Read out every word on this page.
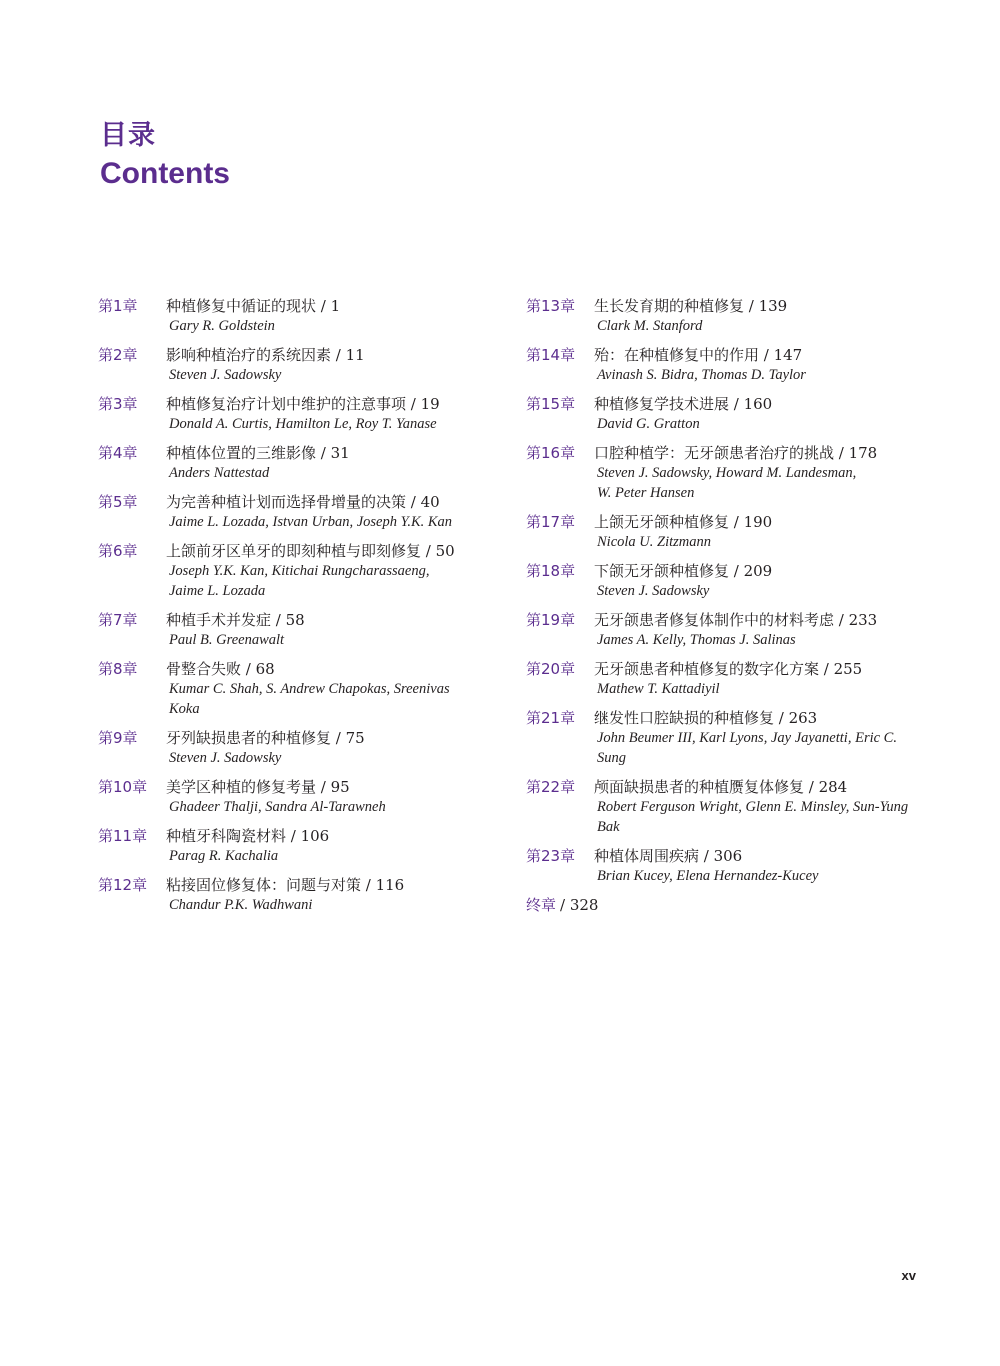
目录
Contents
第1章	种植修复中循证的现状 / 1
Gary R. Goldstein
第2章	影响种植治疗的系统因素 / 11
Steven J. Sadowsky
第3章	种植修复治疗计划中维护的注意事项 / 19
Donald A. Curtis, Hamilton Le, Roy T. Yanase
第4章	种植体位置的三维影像 / 31
Anders Nattestad
第5章	为完善种植计划而选择骨增量的决策 / 40
Jaime L. Lozada, Istvan Urban, Joseph Y.K. Kan
第6章	上颌前牙区单牙的即刻种植与即刻修复 / 50
Joseph Y.K. Kan, Kitichai Rungcharassaeng,
Jaime L. Lozada
第7章	种植手术并发症 / 58
Paul B. Greenawalt
第8章	骨整合失败 / 68
Kumar C. Shah, S. Andrew Chapokas, Sreenivas
Koka
第9章	牙列缺损患者的种植修复 / 75
Steven J. Sadowsky
第10章	美学区种植的修复考量 / 95
Ghadeer Thalji, Sandra Al-Tarawneh
第11章	种植牙科陶瓷材料 / 106
Parag R. Kachalia
第12章	粘接固位修复体：问题与对策 / 116
Chandur P.K. Wadhwani
第13章	生长发育期的种植修复 / 139
Clark M. Stanford
第14章	殆：在种植修复中的作用 / 147
Avinash S. Bidra, Thomas D. Taylor
第15章	种植修复学技术进展 / 160
David G. Gratton
第16章	口腔种植学：无牙颌患者治疗的挑战 / 178
Steven J. Sadowsky, Howard M. Landesman,
W. Peter Hansen
第17章	上颌无牙颌种植修复 / 190
Nicola U. Zitzmann
第18章	下颌无牙颌种植修复 / 209
Steven J. Sadowsky
第19章	无牙颌患者修复体制作中的材料考虑 / 233
James A. Kelly, Thomas J. Salinas
第20章	无牙颌患者种植修复的数字化方案 / 255
Mathew T. Kattadiyil
第21章	继发性口腔缺损的种植修复 / 263
John Beumer III, Karl Lyons, Jay Jayanetti, Eric C.
Sung
第22章	颅面缺损患者的种植赝复体修复 / 284
Robert Ferguson Wright, Glenn E. Minsley, Sun-Yung
Bak
第23章	种植体周围疾病 / 306
Brian Kucey, Elena Hernandez-Kucey
终章 / 328
xv
